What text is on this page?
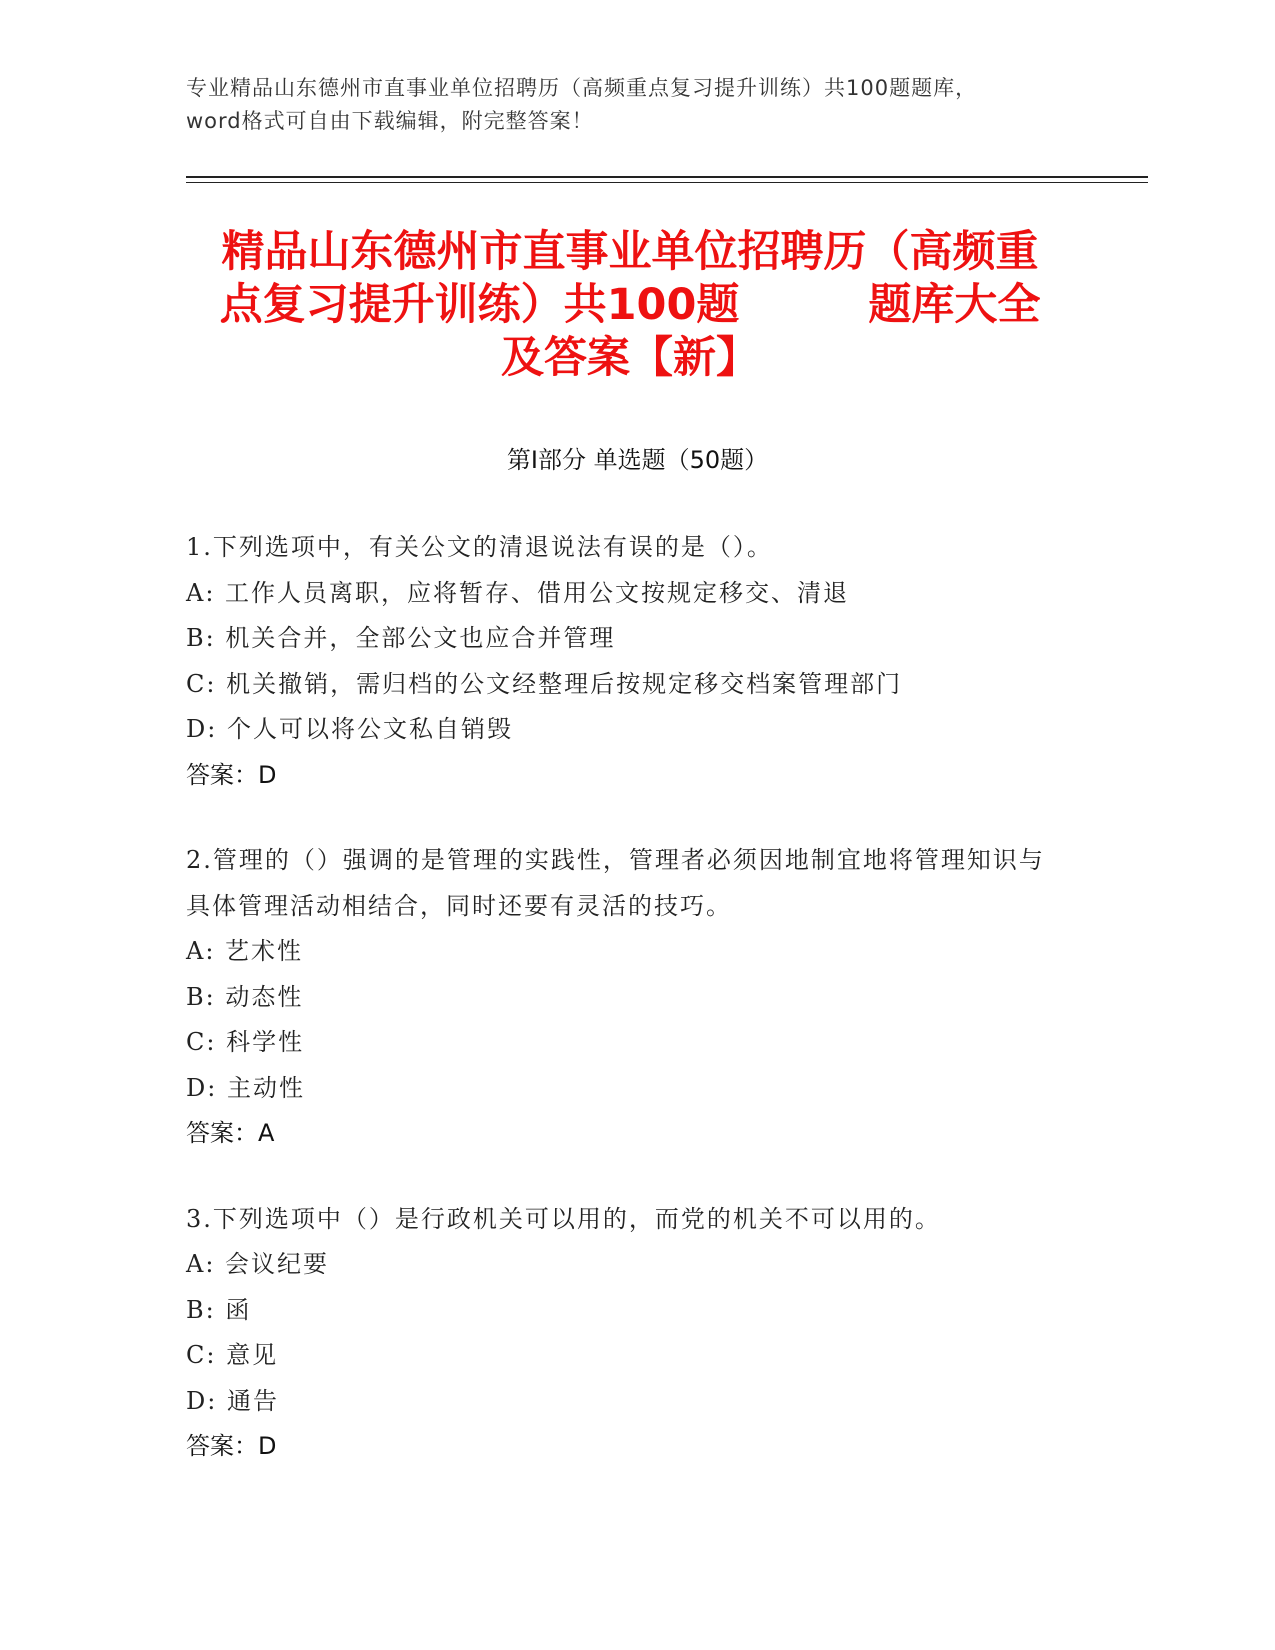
专业精品山东德州市直事业单位招聘历（高频重点复习提升训练）共100题题库，word格式可自由下载编辑，附完整答案！
精品山东德州市直事业单位招聘历（高频重
点复习提升训练）共100题　　　题库大全
及答案【新】
第Ⅰ部分 单选题（50题）

1.下列选项中，有关公文的清退说法有误的是（）。

A: 工作人员离职，应将暂存、借用公文按规定移交、清退

B: 机关合并，全部公文也应合并管理

C: 机关撤销，需归档的公文经整理后按规定移交档案管理部门

D: 个人可以将公文私自销毁

答案：D

2.管理的（）强调的是管理的实践性，管理者必须因地制宜地将管理知识与具体管理活动相结合，同时还要有灵活的技巧。

A: 艺术性

B: 动态性

C: 科学性

D: 主动性

答案：A

3.下列选项中（）是行政机关可以用的，而党的机关不可以用的。

A: 会议纪要

B: 函

C: 意见

D: 通告

答案：D
